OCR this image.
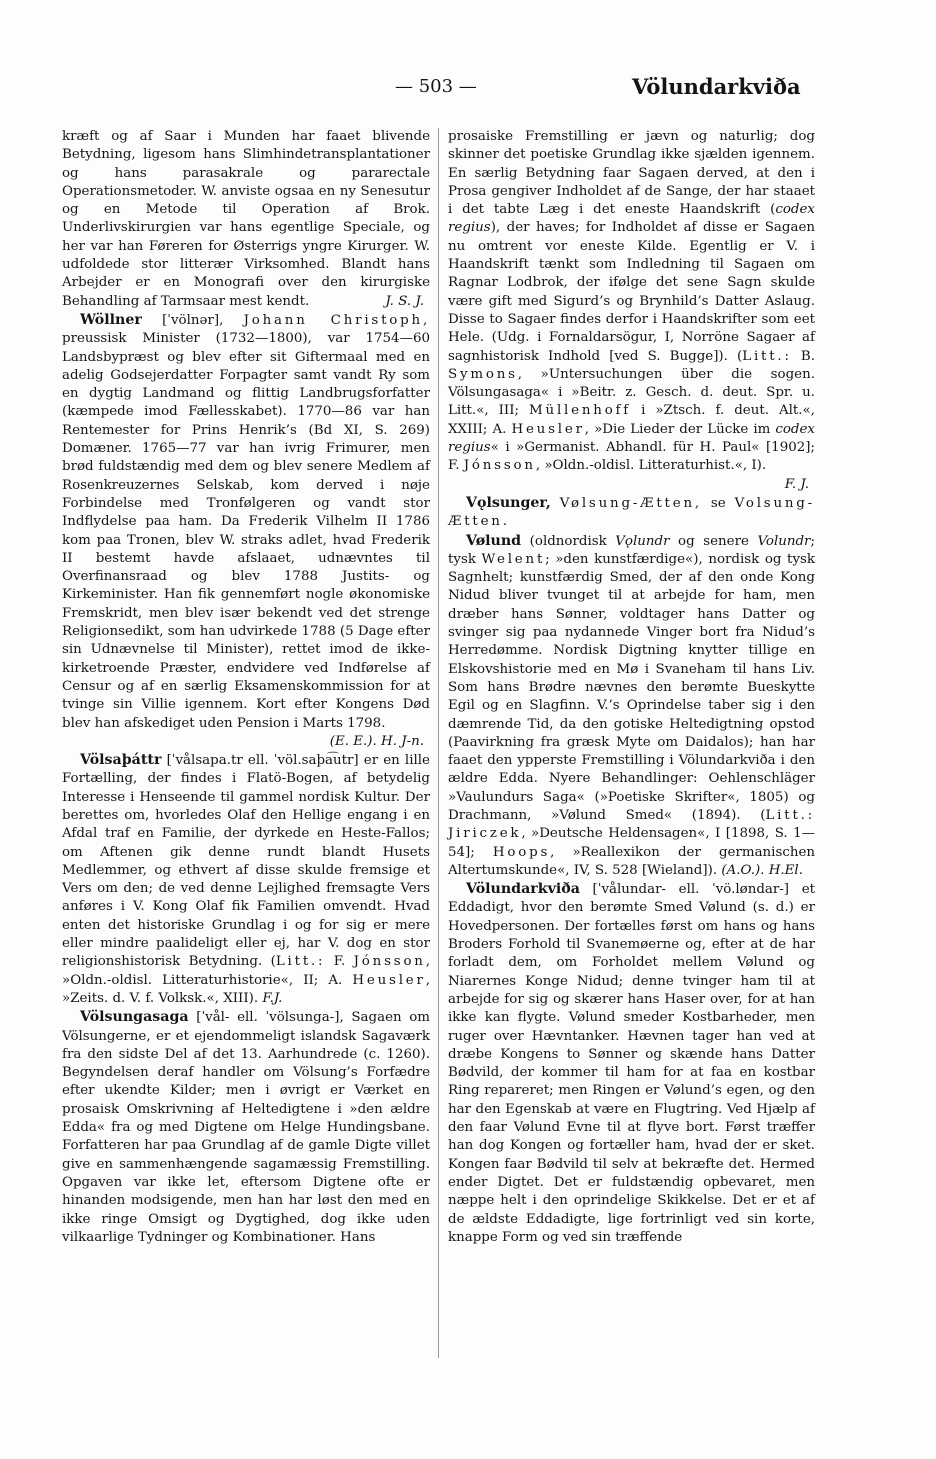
— 503 —	Völundarkviða

kræft og af Saar i Munden har faaet blivende Betydning, ligesom hans Slimhindetransplantationer og hans parasakrale og pararectale Operationsmetoder. W. anviste ogsaa en ny Senesutur og en Metode til Operation af Brok. Underlivskirurgien var hans egentlige Speciale, og her var han Føreren for Østerrigs yngre Kirurger. W. udfoldede stor litterær Virksomhed. Blandt hans Arbejder er en Monografi over den kirurgiske Behandling af Tarmsaar mest kendt.	J. S. J.

Wöllner [ˈvölnər], Johann Christoph, preussisk Minister (1732—1800), var 1754—60 Landsbypræst og blev efter sit Giftermaal med en adelig Godsejerdatter Forpagter samt vandt Ry som en dygtig Landmand og flittig Landbrugsforfatter (kæmpede imod Fællesskabet). 1770—86 var han Rentemester for Prins Henrik’s (Bd XI, S. 269) Domæner. 1765—77 var han ivrig Frimurer, men brød fuldstændig med dem og blev senere Medlem af Rosenkreuzernes Selskab, kom derved i nøje Forbindelse med Tronfølgeren og vandt stor Indflydelse paa ham. Da Frederik Vilhelm II 1786 kom paa Tronen, blev W. straks adlet, hvad Frederik II bestemt havde afslaaet, udnævntes til Overfinansraad og blev 1788 Justits- og Kirkeminister. Han fik gennemført nogle økonomiske Fremskridt, men blev især bekendt ved det strenge Religionsedikt, som han udvirkede 1788 (5 Dage efter sin Udnævnelse til Minister), rettet imod de ikke-kirketroende Præster, endvidere ved Indførelse af Censur og af en særlig Eksamenskommission for at tvinge sin Villie igennem. Kort efter Kongens Død blev han afskediget uden Pension i Marts 1798.

(E. E.). H. J-n.

Völsaþáttr [ˈvålsapa.tr ell. ˈvöl.saþa͡utr] er en lille Fortælling, der findes i Flatö-Bogen, af betydelig Interesse i Henseende til gammel nordisk Kultur. Der berettes om, hvorledes Olaf den Hellige engang i en Afdal traf en Familie, der dyrkede en Heste-Fallos; om Aftenen gik denne rundt blandt Husets Medlemmer, og ethvert af disse skulde fremsige et Vers om den; de ved denne Lejlighed fremsagte Vers anføres i V. Kong Olaf fik Familien omvendt. Hvad enten det historiske Grundlag i og for sig er mere eller mindre paalideligt eller ej, har V. dog en stor religionshistorisk Betydning. (Litt.: F. Jónsson, »Oldn.-oldisl. Litteraturhistorie«, II; A. Heusler, »Zeits. d. V. f. Volksk.«, XIII). F.J.

Völsungasaga [ˈvål- ell. ˈvölsunga-], Sagaen om Völsungerne, er et ejendommeligt islandsk Sagaværk fra den sidste Del af det 13. Aarhundrede (c. 1260). Begyndelsen deraf handler om Völsung’s Forfædre efter ukendte Kilder; men i øvrigt er Værket en prosaisk Omskrivning af Heltedigtene i »den ældre Edda« fra og med Digtene om Helge Hundingsbane. Forfatteren har paa Grundlag af de gamle Digte villet give en sammenhængende sagamæssig Fremstilling. Opgaven var ikke let, eftersom Digtene ofte er hinanden modsigende, men han har løst den med en ikke ringe Omsigt og Dygtighed, dog ikke uden vilkaarlige Tydninger og Kombinationer. Hans

prosaiske Fremstilling er jævn og naturlig; dog skinner det poetiske Grundlag ikke sjælden igennem. En særlig Betydning faar Sagaen derved, at den i Prosa gengiver Indholdet af de Sange, der har staaet i det tabte Læg i det eneste Haandskrift (codex regius), der haves; for Indholdet af disse er Sagaen nu omtrent vor eneste Kilde. Egentlig er V. i Haandskrift tænkt som Indledning til Sagaen om Ragnar Lodbrok, der ifølge det sene Sagn skulde være gift med Sigurd’s og Brynhild’s Datter Aslaug. Disse to Sagaer findes derfor i Haandskrifter som eet Hele. (Udg. i Fornaldarsögur, I, Norröne Sagaer af sagnhistorisk Indhold [ved S. Bugge]). (Litt.: B. Symons, »Untersuchungen über die sogen. Völsungasaga« i »Beitr. z. Gesch. d. deut. Spr. u. Litt.«, III; Müllenhoff i »Ztsch. f. deut. Alt.«, XXIII; A. Heusler, »Die Lieder der Lücke im codex regius« i »Germanist. Abhandl. für H. Paul« [1902]; F. Jónsson, »Oldn.-oldisl. Litteraturhist.«, I).

F. J.

Vǫlsunger, Vølsung-Ætten, se Volsung-Ætten.

Vølund (oldnordisk Vǫlundr og senere Volundr; tysk Welent; »den kunstfærdige«), nordisk og tysk Sagnhelt; kunstfærdig Smed, der af den onde Kong Nidud bliver tvunget til at arbejde for ham, men dræber hans Sønner, voldtager hans Datter og svinger sig paa nydannede Vinger bort fra Nidud’s Herredømme. Nordisk Digtning knytter tillige en Elskovshistorie med en Mø i Svaneham til hans Liv. Som hans Brødre nævnes den berømte Bueskytte Egil og en Slagfinn. V.’s Oprindelse taber sig i den dæmrende Tid, da den gotiske Heltedigtning opstod (Paavirkning fra græsk Myte om Daidalos); han har faaet den ypperste Fremstilling i Völundarkviða i den ældre Edda. Nyere Behandlinger: Oehlenschläger »Vaulundurs Saga« (»Poetiske Skrifter«, 1805) og Drachmann, »Vølund Smed« (1894). (Litt.: Jiriczek, »Deutsche Heldensagen«, I [1898, S. 1—54]; Hoops, »Reallexikon der germanischen Altertumskunde«, IV, S. 528 [Wieland]). (A.O.). H.El.

Völundarkviða [ˈvålundar- ell. ˈvö.løndar-] et Eddadigt, hvor den berømte Smed Vølund (s. d.) er Hovedpersonen. Der fortælles først om hans og hans Broders Forhold til Svanemøerne og, efter at de har forladt dem, om Forholdet mellem Vølund og Niarernes Konge Nidud; denne tvinger ham til at arbejde for sig og skærer hans Haser over, for at han ikke kan flygte. Vølund smeder Kostbarheder, men ruger over Hævntanker. Hævnen tager han ved at dræbe Kongens to Sønner og skænde hans Datter Bødvild, der kommer til ham for at faa en kostbar Ring repareret; men Ringen er Vølund’s egen, og den har den Egenskab at være en Flugtring. Ved Hjælp af den faar Vølund Evne til at flyve bort. Først træffer han dog Kongen og fortæller ham, hvad der er sket. Kongen faar Bødvild til selv at bekræfte det. Hermed ender Digtet. Det er fuldstændig opbevaret, men næppe helt i den oprindelige Skikkelse. Det er et af de ældste Eddadigte, lige fortrinligt ved sin korte, knappe Form og ved sin træffende
